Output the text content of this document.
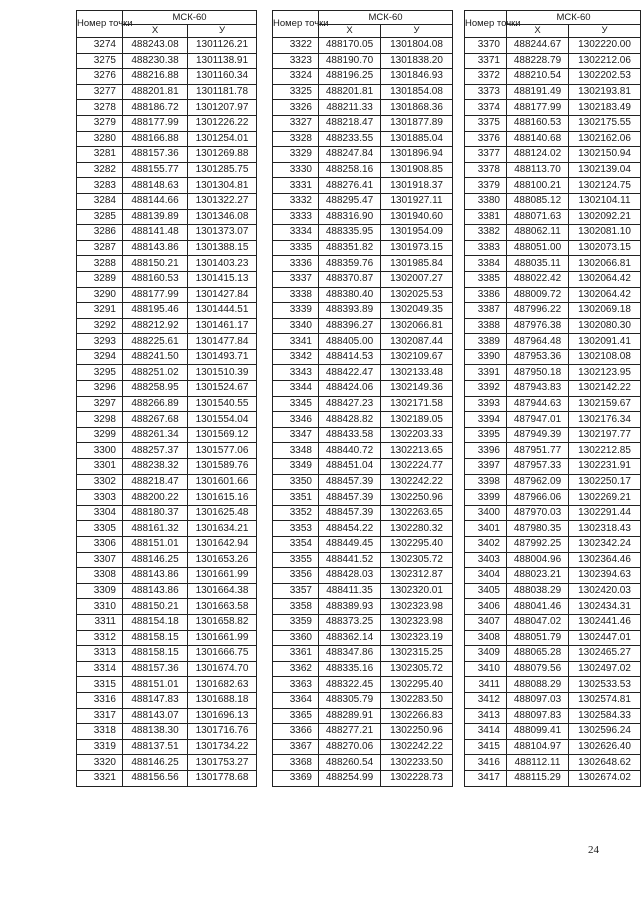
Номер точки	МСК-60	
	X	У
3274	488243.08	1301126.21
3275	488230.38	1301138.91
3276	488216.88	1301160.34
3277	488201.81	1301181.78
3278	488186.72	1301207.97
3279	488177.99	1301226.22
3280	488166.88	1301254.01
3281	488157.36	1301269.88
3282	488155.77	1301285.75
3283	488148.63	1301304.81
3284	488144.66	1301322.27
3285	488139.89	1301346.08
3286	488141.48	1301373.07
3287	488143.86	1301388.15
3288	488150.21	1301403.23
3289	488160.53	1301415.13
3290	488177.99	1301427.84
3291	488195.46	1301444.51
3292	488212.92	1301461.17
3293	488225.61	1301477.84
3294	488241.50	1301493.71
3295	488251.02	1301510.39
3296	488258.95	1301524.67
3297	488266.89	1301540.55
3298	488267.68	1301554.04
3299	488261.34	1301569.12
3300	488257.37	1301577.06
3301	488238.32	1301589.76
3302	488218.47	1301601.66
3303	488200.22	1301615.16
3304	488180.37	1301625.48
3305	488161.32	1301634.21
3306	488151.01	1301642.94
3307	488146.25	1301653.26
3308	488143.86	1301661.99
3309	488143.86	1301664.38
3310	488150.21	1301663.58
3311	488154.18	1301658.82
3312	488158.15	1301661.99
3313	488158.15	1301666.75
3314	488157.36	1301674.70
3315	488151.01	1301682.63
3316	488147.83	1301688.18
3317	488143.07	1301696.13
3318	488138.30	1301716.76
3319	488137.51	1301734.22
3320	488146.25	1301753.27
3321	488156.56	1301778.68
Номер точки	МСК-60	
	X	У
3322	488170.05	1301804.08
3323	488190.70	1301838.20
3324	488196.25	1301846.93
3325	488201.81	1301854.08
3326	488211.33	1301868.36
3327	488218.47	1301877.89
3328	488233.55	1301885.04
3329	488247.84	1301896.94
3330	488258.16	1301908.85
3331	488276.41	1301918.37
3332	488295.47	1301927.11
3333	488316.90	1301940.60
3334	488335.95	1301954.09
3335	488351.82	1301973.15
3336	488359.76	1301985.84
3337	488370.87	1302007.27
3338	488380.40	1302025.53
3339	488393.89	1302049.35
3340	488396.27	1302066.81
3341	488405.00	1302087.44
3342	488414.53	1302109.67
3343	488422.47	1302133.48
3344	488424.06	1302149.36
3345	488427.23	1302171.58
3346	488428.82	1302189.05
3347	488433.58	1302203.33
3348	488440.72	1302213.65
3349	488451.04	1302224.77
3350	488457.39	1302242.22
3351	488457.39	1302250.96
3352	488457.39	1302263.65
3353	488454.22	1302280.32
3354	488449.45	1302295.40
3355	488441.52	1302305.72
3356	488428.03	1302312.87
3357	488411.35	1302320.01
3358	488389.93	1302323.98
3359	488373.25	1302323.98
3360	488362.14	1302323.19
3361	488347.86	1302315.25
3362	488335.16	1302305.72
3363	488322.45	1302295.40
3364	488305.79	1302283.50
3365	488289.91	1302266.83
3366	488277.21	1302250.96
3367	488270.06	1302242.22
3368	488260.54	1302233.50
3369	488254.99	1302228.73
Номер точки	МСК-60	
	X	У
3370	488244.67	1302220.00
3371	488228.79	1302212.06
3372	488210.54	1302202.53
3373	488191.49	1302193.81
3374	488177.99	1302183.49
3375	488160.53	1302175.55
3376	488140.68	1302162.06
3377	488124.02	1302150.94
3378	488113.70	1302139.04
3379	488100.21	1302124.75
3380	488085.12	1302104.11
3381	488071.63	1302092.21
3382	488062.11	1302081.10
3383	488051.00	1302073.15
3384	488035.11	1302066.81
3385	488022.42	1302064.42
3386	488009.72	1302064.42
3387	487996.22	1302069.18
3388	487976.38	1302080.30
3389	487964.48	1302091.41
3390	487953.36	1302108.08
3391	487950.18	1302123.95
3392	487943.83	1302142.22
3393	487944.63	1302159.67
3394	487947.01	1302176.34
3395	487949.39	1302197.77
3396	487951.77	1302212.85
3397	487957.33	1302231.91
3398	487962.09	1302250.17
3399	487966.06	1302269.21
3400	487970.03	1302291.44
3401	487980.35	1302318.43
3402	487992.25	1302342.24
3403	488004.96	1302364.46
3404	488023.21	1302394.63
3405	488038.29	1302420.03
3406	488041.46	1302434.31
3407	488047.02	1302441.46
3408	488051.79	1302447.01
3409	488065.28	1302465.27
3410	488079.56	1302497.02
3411	488088.29	1302533.53
3412	488097.03	1302574.81
3413	488097.83	1302584.33
3414	488099.41	1302596.24
3415	488104.97	1302626.40
3416	488112.11	1302648.62
3417	488115.29	1302674.02
24
